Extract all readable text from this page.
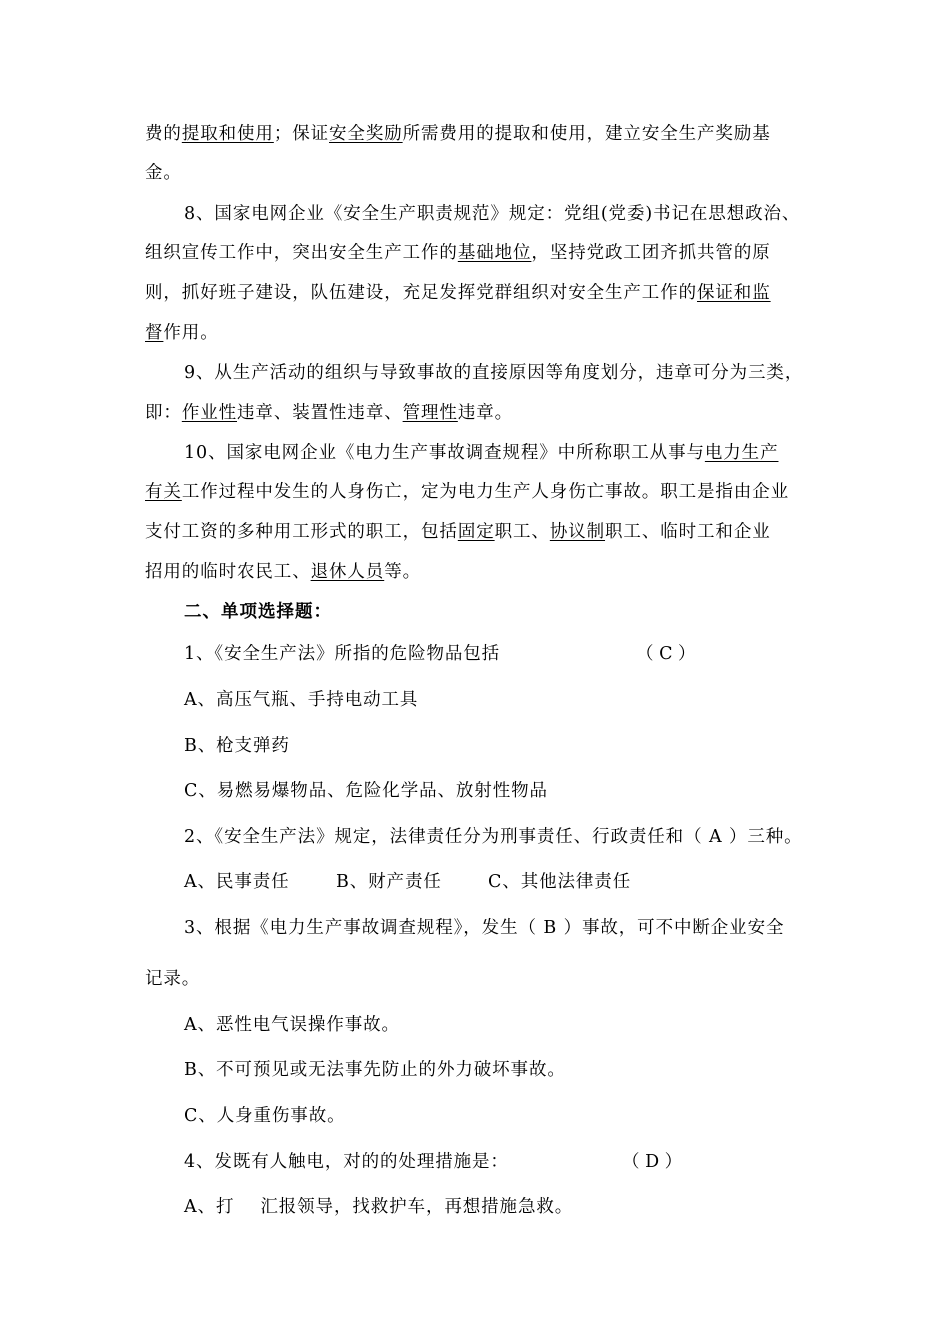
费的提取和使用；保证安全奖励所需费用的提取和使用，建立安全生产奖励基
金。
8、国家电网企业《安全生产职责规范》规定：党组(党委)书记在思想政治、
组织宣传工作中，突出安全生产工作的基础地位，坚持党政工团齐抓共管的原
则，抓好班子建设，队伍建设，充足发挥党群组织对安全生产工作的保证和监
督作用。
9、从生产活动的组织与导致事故的直接原因等角度划分，违章可分为三类，
即：作业性违章、装置性违章、管理性违章。
10、国家电网企业《电力生产事故调查规程》中所称职工从事与电力生产
有关工作过程中发生的人身伤亡，定为电力生产人身伤亡事故。职工是指由企业
支付工资的多种用工形式的职工，包括固定职工、协议制职工、临时工和企业
招用的临时农民工、退休人员等。
二、单项选择题：
1、《安全生产法》所指的危险物品包括	（ C ）
A、高压气瓶、手持电动工具
B、枪支弹药
C、易燃易爆物品、危险化学品、放射性物品
2、《安全生产法》规定，法律责任分为刑事责任、行政责任和（ A ）三种。
A、民事责任	B、财产责任	C、其他法律责任
3、根据《电力生产事故调查规程》，发生（ B ）事故，可不中断企业安全
记录。
A、恶性电气误操作事故。
B、不可预见或无法事先防止的外力破坏事故。
C、人身重伤事故。
4、发既有人触电，对的的处理措施是：	（ D ）
A、打 汇报领导，找救护车，再想措施急救。
